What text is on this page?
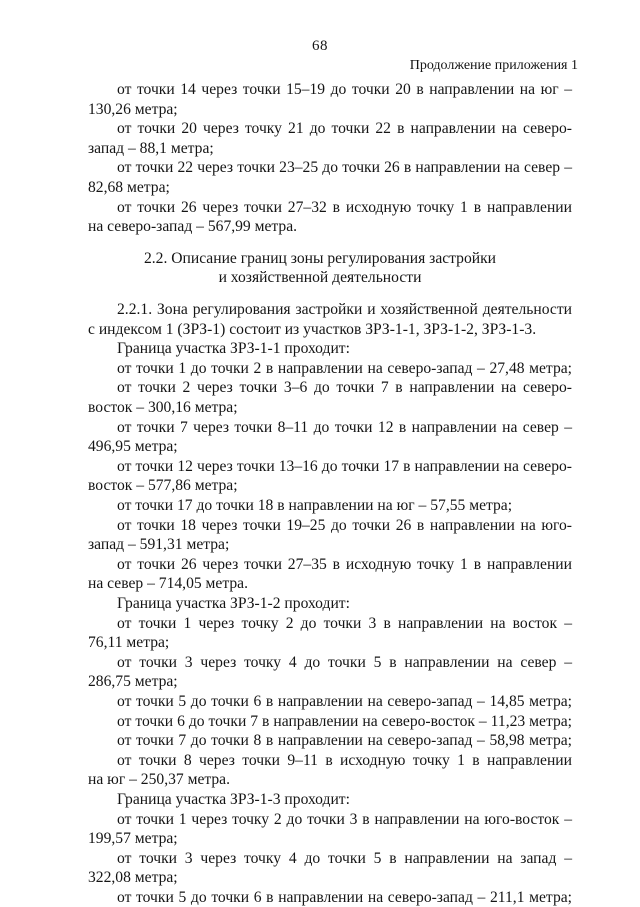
68
Продолжение приложения 1
от точки 14 через точки 15–19 до точки 20 в направлении на юг –
130,26 метра;
от точки 20 через точку 21 до точки 22 в направлении на северо-
запад – 88,1 метра;
от точки 22 через точки 23–25 до точки 26 в направлении на север –
82,68 метра;
от точки 26 через точки 27–32 в исходную точку 1 в направлении
на северо-запад – 567,99 метра.
2.2. Описание границ зоны регулирования застройки
и хозяйственной деятельности
2.2.1. Зона регулирования застройки и хозяйственной деятельности
с индексом 1 (ЗРЗ-1) состоит из участков ЗРЗ-1-1, ЗРЗ-1-2, ЗРЗ-1-3.
Граница участка ЗРЗ-1-1 проходит:
от точки 1 до точки 2 в направлении на северо-запад – 27,48 метра;
от точки 2 через точки 3–6 до точки 7 в направлении на северо-
восток – 300,16 метра;
от точки 7 через точки 8–11 до точки 12 в направлении на север –
496,95 метра;
от точки 12 через точки 13–16 до точки 17 в направлении на северо-
восток – 577,86 метра;
от точки 17 до точки 18 в направлении на юг – 57,55 метра;
от точки 18 через точки 19–25 до точки 26 в направлении на юго-
запад – 591,31 метра;
от точки 26 через точки 27–35 в исходную точку 1 в направлении
на север – 714,05 метра.
Граница участка ЗРЗ-1-2 проходит:
от точки 1 через точку 2 до точки 3 в направлении на восток –
76,11 метра;
от точки 3 через точку 4 до точки 5 в направлении на север –
286,75 метра;
от точки 5 до точки 6 в направлении на северо-запад – 14,85 метра;
от точки 6 до точки 7 в направлении на северо-восток – 11,23 метра;
от точки 7 до точки 8 в направлении на северо-запад – 58,98 метра;
от точки 8 через точки 9–11 в исходную точку 1 в направлении
на юг – 250,37 метра.
Граница участка ЗРЗ-1-3 проходит:
от точки 1 через точку 2 до точки 3 в направлении на юго-восток –
199,57 метра;
от точки 3 через точку 4 до точки 5 в направлении на запад –
322,08 метра;
от точки 5 до точки 6 в направлении на северо-запад – 211,1 метра;
